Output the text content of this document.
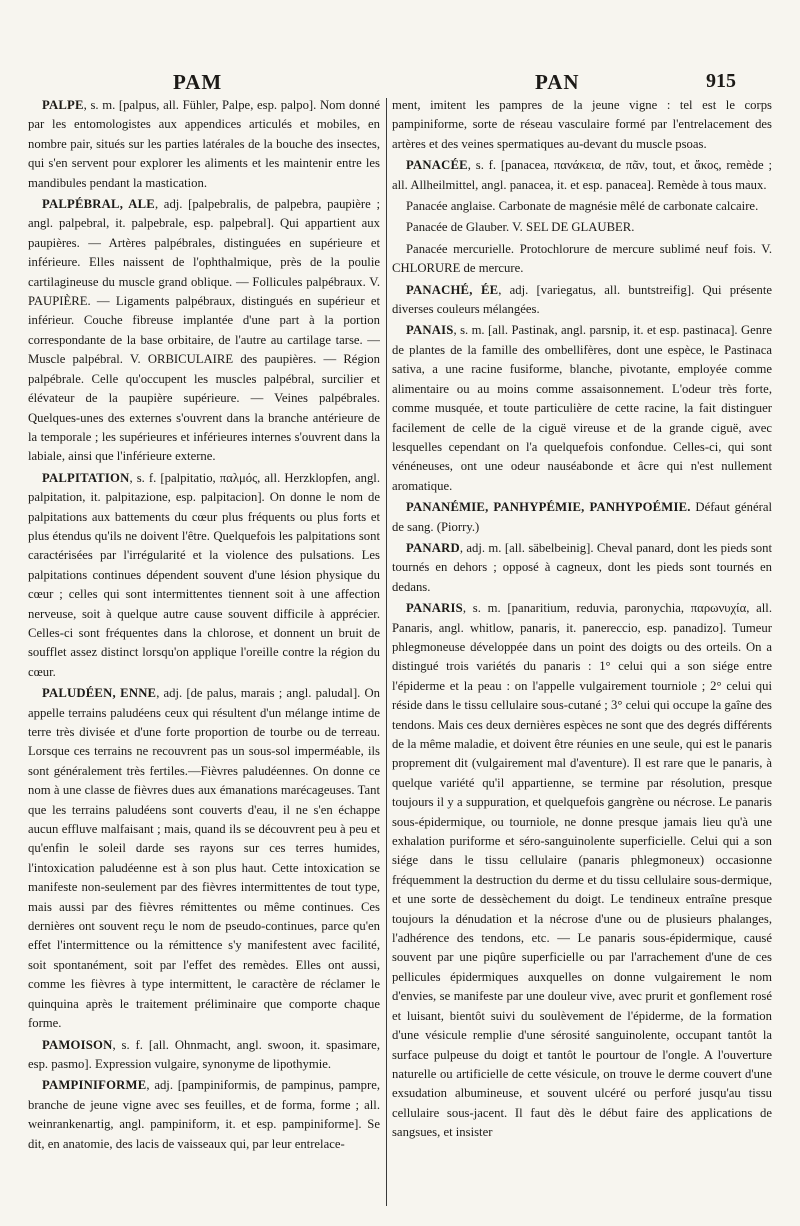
PAM	PAN	915

PALPE, s. m. [palpus, all. Fühler, Palpe, esp. palpo]. Nom donné par les entomologistes aux appendices articulés et mobiles, en nombre pair, situés sur les parties latérales de la bouche des insectes, qui s'en servent pour explorer les aliments et les maintenir entre les mandibules pendant la mastication.

PALPÉBRAL, ALE, adj. [palpebralis, de palpebra, paupière ; angl. palpebral, it. palpebrale, esp. palpebral]. Qui appartient aux paupières. — Artères palpébrales, distinguées en supérieure et inférieure. Elles naissent de l'ophthalmique, près de la poulie cartilagineuse du muscle grand oblique. — Follicules palpébraux. V. PAUPIÈRE. — Ligaments palpébraux, distingués en supérieur et inférieur. Couche fibreuse implantée d'une part à la portion correspondante de la base orbitaire, de l'autre au cartilage tarse. — Muscle palpébral. V. ORBICULAIRE des paupières. — Région palpébrale. Celle qu'occupent les muscles palpébral, surcilier et élévateur de la paupière supérieure. — Veines palpébrales. Quelques-unes des externes s'ouvrent dans la branche antérieure de la temporale ; les supérieures et inférieures internes s'ouvrent dans la labiale, ainsi que l'inférieure externe.

PALPITATION, s. f. [palpitatio, παλμός, all. Herzklopfen, angl. palpitation, it. palpitazione, esp. palpitacion]. On donne le nom de palpitations aux battements du cœur plus fréquents ou plus forts et plus étendus qu'ils ne doivent l'être. Quelquefois les palpitations sont caractérisées par l'irrégularité et la violence des pulsations. Les palpitations continues dépendent souvent d'une lésion physique du cœur ; celles qui sont intermittentes tiennent soit à une affection nerveuse, soit à quelque autre cause souvent difficile à apprécier. Celles-ci sont fréquentes dans la chlorose, et donnent un bruit de soufflet assez distinct lorsqu'on applique l'oreille contre la région du cœur.

PALUDÉEN, ENNE, adj. [de palus, marais ; angl. paludal]. On appelle terrains paludéens ceux qui résultent d'un mélange intime de terre très divisée et d'une forte proportion de tourbe ou de terreau. Lorsque ces terrains ne recouvrent pas un sous-sol imperméable, ils sont généralement très fertiles.—Fièvres paludéennes. On donne ce nom à une classe de fièvres dues aux émanations marécageuses. Tant que les terrains paludéens sont couverts d'eau, il ne s'en échappe aucun effluve malfaisant ; mais, quand ils se découvrent peu à peu et qu'enfin le soleil darde ses rayons sur ces terres humides, l'intoxication paludéenne est à son plus haut. Cette intoxication se manifeste non-seulement par des fièvres intermittentes de tout type, mais aussi par des fièvres rémittentes ou même continues. Ces dernières ont souvent reçu le nom de pseudo-continues, parce qu'en effet l'intermittence ou la rémittence s'y manifestent avec facilité, soit spontanément, soit par l'effet des remèdes. Elles ont aussi, comme les fièvres à type intermittent, le caractère de réclamer le quinquina après le traitement préliminaire que comporte chaque forme.

PAMOISON, s. f. [all. Ohnmacht, angl. swoon, it. spasimare, esp. pasmo]. Expression vulgaire, synonyme de lipothymie.

PAMPINIFORME, adj. [pampiniformis, de pampinus, pampre, branche de jeune vigne avec ses feuilles, et de forma, forme ; all. weinrankenartig, angl. pampiniform, it. et esp. pampiniforme]. Se dit, en anatomie, des lacis de vaisseaux qui, par leur entrelace-

ment, imitent les pampres de la jeune vigne : tel est le corps pampiniforme, sorte de réseau vasculaire formé par l'entrelacement des artères et des veines spermatiques au-devant du muscle psoas.

PANACÉE, s. f. [panacea, πανάκεια, de πᾶν, tout, et ἄκος, remède ; all. Allheilmittel, angl. panacea, it. et esp. panacea]. Remède à tous maux.

Panacée anglaise. Carbonate de magnésie mêlé de carbonate calcaire.

Panacée de Glauber. V. SEL DE GLAUBER.

Panacée mercurielle. Protochlorure de mercure sublimé neuf fois. V. CHLORURE de mercure.

PANACHÉ, ÉE, adj. [variegatus, all. buntstreifig]. Qui présente diverses couleurs mélangées.

PANAIS, s. m. [all. Pastinak, angl. parsnip, it. et esp. pastinaca]. Genre de plantes de la famille des ombellifères, dont une espèce, le Pastinaca sativa, a une racine fusiforme, blanche, pivotante, employée comme alimentaire ou au moins comme assaisonnement. L'odeur très forte, comme musquée, et toute particulière de cette racine, la fait distinguer facilement de celle de la ciguë vireuse et de la grande ciguë, avec lesquelles cependant on l'a quelquefois confondue. Celles-ci, qui sont vénéneuses, ont une odeur nauséabonde et âcre qui n'est nullement aromatique.

PANANÉMIE, PANHYPÉMIE, PANHYPOÉMIE. Défaut général de sang. (Piorry.)

PANARD, adj. m. [all. säbelbeinig]. Cheval panard, dont les pieds sont tournés en dehors ; opposé à cagneux, dont les pieds sont tournés en dedans.

PANARIS, s. m. [panaritium, reduvia, paronychia, παρωνυχία, all. Panaris, angl. whitlow, panaris, it. panereccio, esp. panadizo]. Tumeur phlegmoneuse développée dans un point des doigts ou des orteils. On a distingué trois variétés du panaris : 1° celui qui a son siége entre l'épiderme et la peau : on l'appelle vulgairement tourniole ; 2° celui qui réside dans le tissu cellulaire sous-cutané ; 3° celui qui occupe la gaîne des tendons. Mais ces deux dernières espèces ne sont que des degrés différents de la même maladie, et doivent être réunies en une seule, qui est le panaris proprement dit (vulgairement mal d'aventure). Il est rare que le panaris, à quelque variété qu'il appartienne, se termine par résolution, presque toujours il y a suppuration, et quelquefois gangrène ou nécrose. Le panaris sous-épidermique, ou tourniole, ne donne presque jamais lieu qu'à une exhalation puriforme et séro-sanguinolente superficielle. Celui qui a son siége dans le tissu cellulaire (panaris phlegmoneux) occasionne fréquemment la destruction du derme et du tissu cellulaire sous-dermique, et une sorte de dessèchement du doigt. Le tendineux entraîne presque toujours la dénudation et la nécrose d'une ou de plusieurs phalanges, l'adhérence des tendons, etc. — Le panaris sous-épidermique, causé souvent par une piqûre superficielle ou par l'arrachement d'une de ces pellicules épidermiques auxquelles on donne vulgairement le nom d'envies, se manifeste par une douleur vive, avec prurit et gonflement rosé et luisant, bientôt suivi du soulèvement de l'épiderme, de la formation d'une vésicule remplie d'une sérosité sanguinolente, occupant tantôt la surface pulpeuse du doigt et tantôt le pourtour de l'ongle. A l'ouverture naturelle ou artificielle de cette vésicule, on trouve le derme couvert d'une exsudation albumineuse, et souvent ulcéré ou perforé jusqu'au tissu cellulaire sous-jacent. Il faut dès le début faire des applications de sangsues, et insister
